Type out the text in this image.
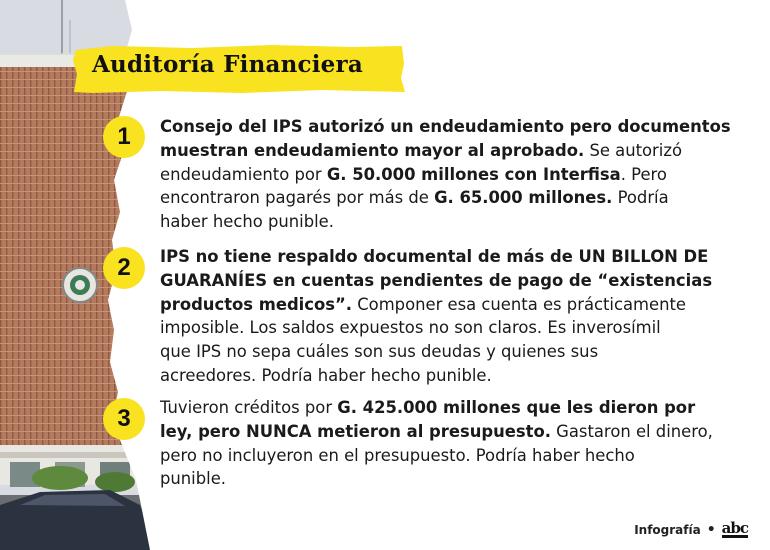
Auditoría Financiera
1	Consejo del IPS autorizó un endeudamiento pero documentos
muestran endeudamiento mayor al aprobado. Se autorizó
endeudamiento por G. 50.000 millones con Interfisa. Pero
encontraron pagarés por más de G. 65.000 millones. Podría
haber hecho punible.
2	IPS no tiene respaldo documental de más de UN BILLON DE
GUARANÍES en cuentas pendientes de pago de “existencias
productos medicos”. Componer esa cuenta es prácticamente
imposible. Los saldos expuestos no son claros. Es inverosímil
que IPS no sepa cuáles son sus deudas y quienes sus
acreedores. Podría haber hecho punible.
3	Tuvieron créditos por G. 425.000 millones que les dieron por
ley, pero NUNCA metieron al presupuesto. Gastaron el dinero,
pero no incluyeron en el presupuesto. Podría haber hecho
punible.
Infografía • abc
